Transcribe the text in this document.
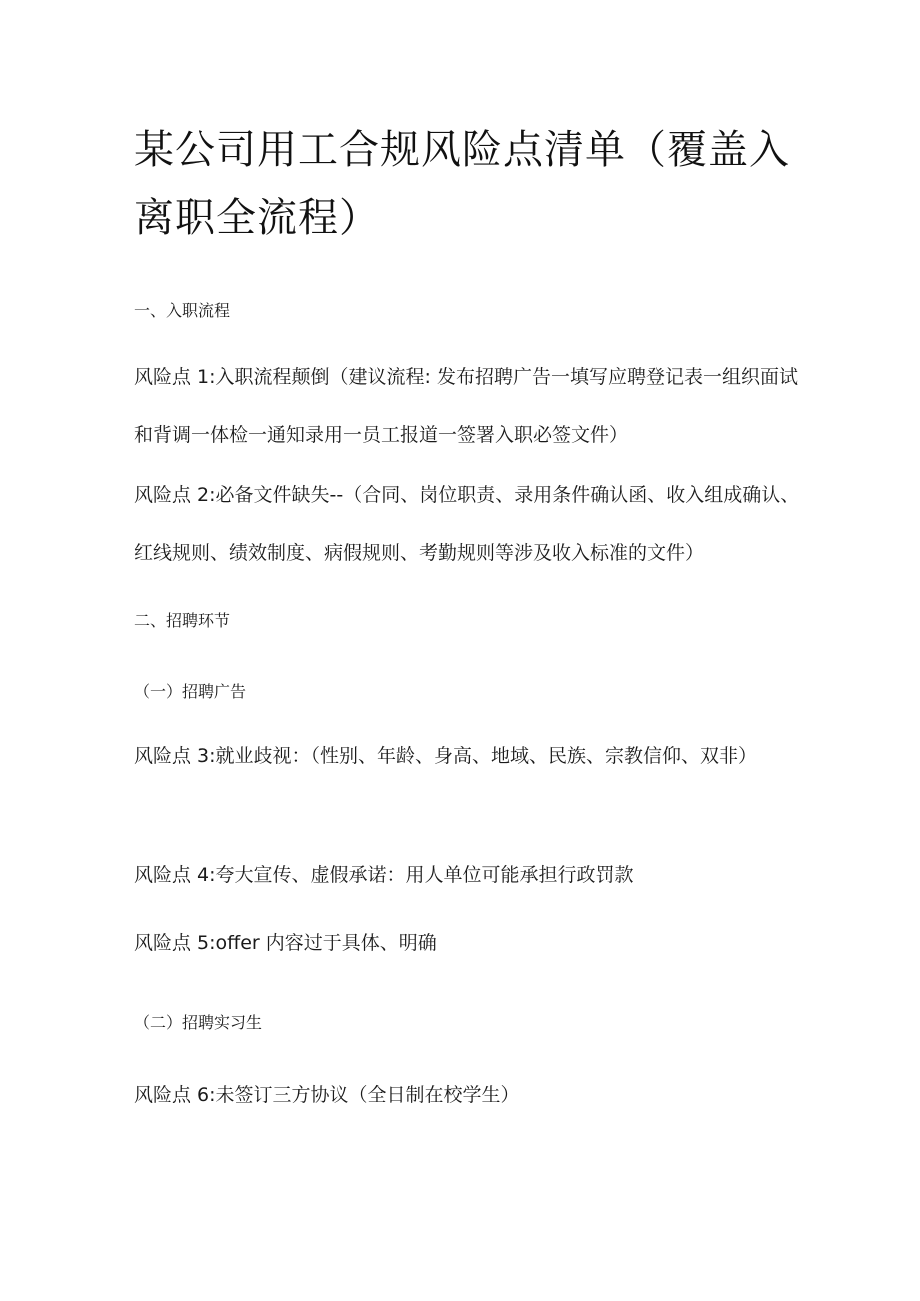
某公司用工合规风险点清单（覆盖入离职全流程）

一、入职流程

风险点 1:入职流程颠倒（建议流程: 发布招聘广告一填写应聘登记表一组织面试和背调一体检一通知录用一员工报道一签署入职必签文件）

风险点 2:必备文件缺失--（合同、岗位职责、录用条件确认函、收入组成确认、红线规则、绩效制度、病假规则、考勤规则等涉及收入标准的文件）

二、招聘环节

（一）招聘广告

风险点 3:就业歧视：（性别、年龄、身高、地域、民族、宗教信仰、双非）

风险点 4:夸大宣传、虚假承诺：用人单位可能承担行政罚款

风险点 5:offer 内容过于具体、明确

（二）招聘实习生

风险点 6:未签订三方协议（全日制在校学生）
